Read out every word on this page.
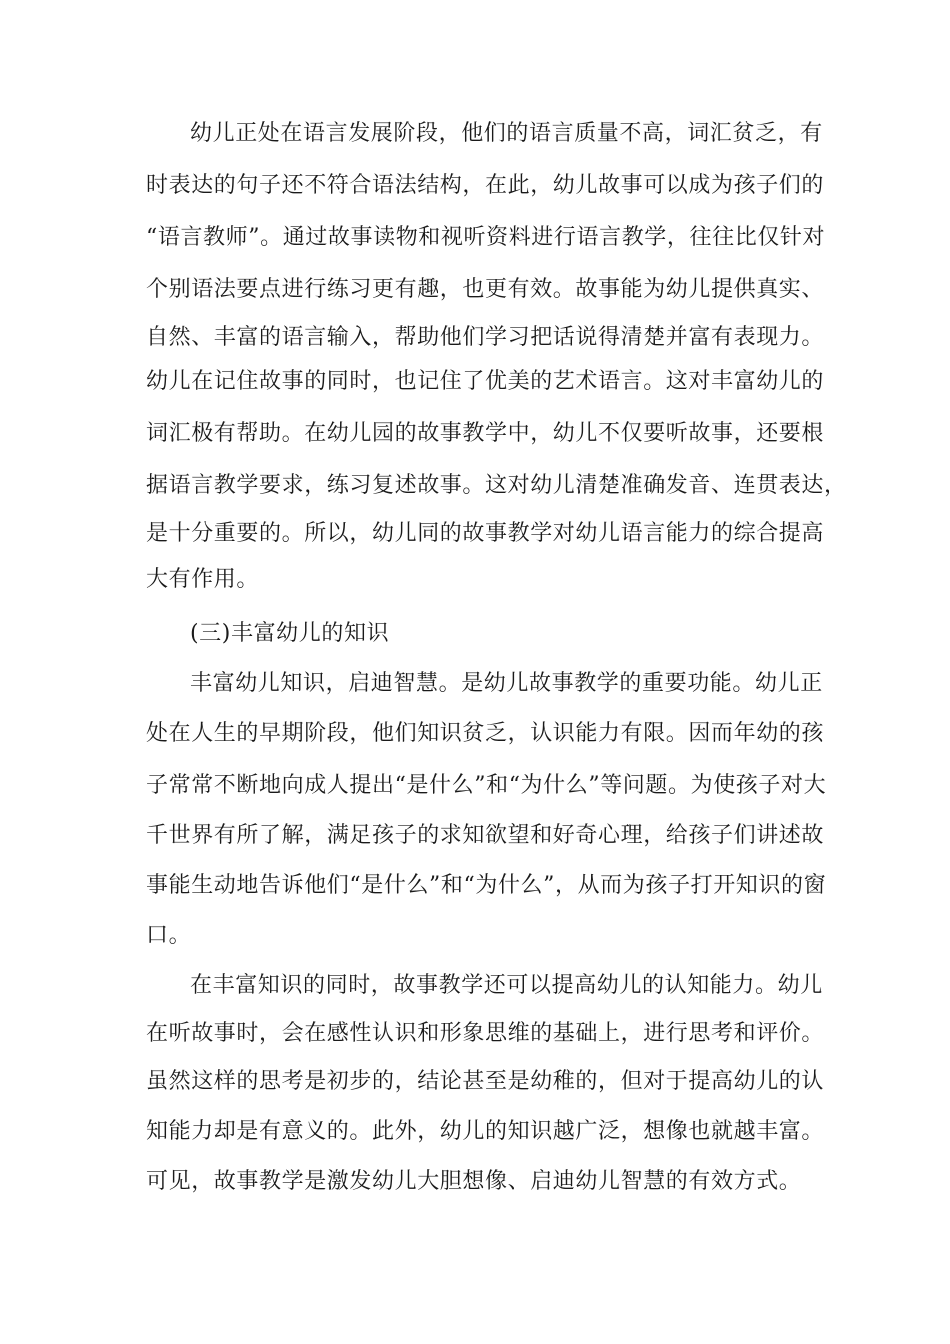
幼儿正处在语言发展阶段，他们的语言质量不高，词汇贫乏，有
时表达的句子还不符合语法结构，在此，幼儿故事可以成为孩子们的
“语言教师”。通过故事读物和视听资料进行语言教学，往往比仅针对
个别语法要点进行练习更有趣，也更有效。故事能为幼儿提供真实、
自然、丰富的语言输入，帮助他们学习把话说得清楚并富有表现力。
幼儿在记住故事的同时，也记住了优美的艺术语言。这对丰富幼儿的
词汇极有帮助。在幼儿园的故事教学中，幼儿不仅要听故事，还要根
据语言教学要求，练习复述故事。这对幼儿清楚准确发音、连贯表达，
是十分重要的。所以，幼儿同的故事教学对幼儿语言能力的综合提高
大有作用。
(三)丰富幼儿的知识
丰富幼儿知识，启迪智慧。是幼儿故事教学的重要功能。幼儿正
处在人生的早期阶段，他们知识贫乏，认识能力有限。因而年幼的孩
子常常不断地向成人提出“是什么”和“为什么”等问题。为使孩子对大
千世界有所了解，满足孩子的求知欲望和好奇心理，给孩子们讲述故
事能生动地告诉他们“是什么”和“为什么”，从而为孩子打开知识的窗
口。
在丰富知识的同时，故事教学还可以提高幼儿的认知能力。幼儿
在听故事时，会在感性认识和形象思维的基础上，进行思考和评价。
虽然这样的思考是初步的，结论甚至是幼稚的，但对于提高幼儿的认
知能力却是有意义的。此外，幼儿的知识越广泛，想像也就越丰富。
可见，故事教学是激发幼儿大胆想像、启迪幼儿智慧的有效方式。
